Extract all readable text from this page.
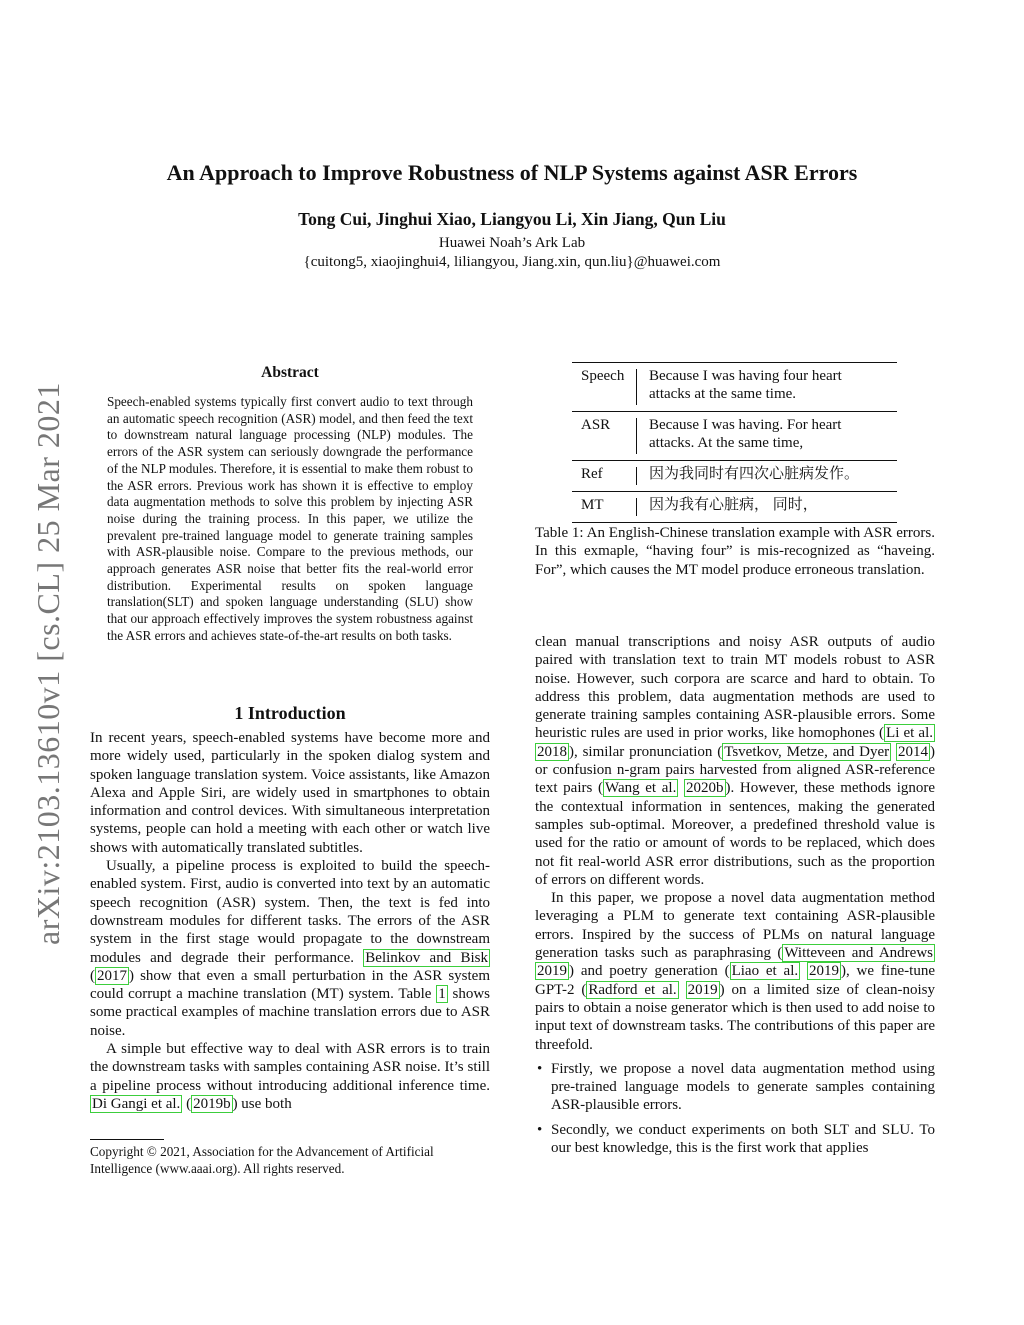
An Approach to Improve Robustness of NLP Systems against ASR Errors
Tong Cui, Jinghui Xiao, Liangyou Li, Xin Jiang, Qun Liu
Huawei Noah’s Ark Lab
{cuitong5, xiaojinghui4, liliangyou, Jiang.xin, qun.liu}@huawei.com
arXiv:2103.13610v1 [cs.CL] 25 Mar 2021
Abstract
Speech-enabled systems typically first convert audio to text through an automatic speech recognition (ASR) model, and then feed the text to downstream natural language processing (NLP) modules. The errors of the ASR system can seriously downgrade the performance of the NLP modules. Therefore, it is essential to make them robust to the ASR errors. Previous work has shown it is effective to employ data augmentation methods to solve this problem by injecting ASR noise during the training process. In this paper, we utilize the prevalent pre-trained language model to generate training samples with ASR-plausible noise. Compare to the previous methods, our approach generates ASR noise that better fits the real-world error distribution. Experimental results on spoken language translation(SLT) and spoken language understanding (SLU) show that our approach effectively improves the system robustness against the ASR errors and achieves state-of-the-art results on both tasks.
1 Introduction

In recent years, speech-enabled systems have become more and more widely used, particularly in the spoken dialog system and spoken language translation system. Voice assistants, like Amazon Alexa and Apple Siri, are widely used in smartphones to obtain information and control devices. With simultaneous interpretation systems, people can hold a meeting with each other or watch live shows with automatically translated subtitles.

Usually, a pipeline process is exploited to build the speech-enabled system. First, audio is converted into text by an automatic speech recognition (ASR) system. Then, the text is fed into downstream modules for different tasks. The errors of the ASR system in the first stage would propagate to the downstream modules and degrade their performance. Belinkov and Bisk ( 2017 ) show that even a small perturbation in the ASR system could corrupt a machine translation (MT) system. Table 1 shows some practical examples of machine translation errors due to ASR noise.

A simple but effective way to deal with ASR errors is to train the downstream tasks with samples containing ASR noise. It’s still a pipeline process without introducing additional inference time. Di Gangi et al. ( 2019b ) use both

Copyright © 2021, Association for the Advancement of Artificial Intelligence (www.aaai.org). All rights reserved.
Speech		Because I was having four heart attacks at the same time.
ASR		Because I was having. For heart attacks. At the same time,
Ref		因为我同时有四次心脏病发作。
MT		因为我有心脏病， 同时，
Table 1: An English-Chinese translation example with ASR errors. In this exmaple, “having four” is mis-recognized as “haveing. For”, which causes the MT model produce erroneous translation.

clean manual transcriptions and noisy ASR outputs of audio paired with translation text to train MT models robust to ASR noise. However, such corpora are scarce and hard to obtain. To address this problem, data augmentation methods are used to generate training samples containing ASR-plausible errors. Some heuristic rules are used in prior works, like homophones ( Li et al. 2018 ), similar pronunciation ( Tsvetkov, Metze, and Dyer 2014 ) or confusion n-gram pairs harvested from aligned ASR-reference text pairs ( Wang et al. 2020b ). However, these methods ignore the contextual information in sentences, making the generated samples sub-optimal. Moreover, a predefined threshold value is used for the ratio or amount of words to be replaced, which does not fit real-world ASR error distributions, such as the proportion of errors on different words.

In this paper, we propose a novel data augmentation method leveraging a PLM to generate text containing ASR-plausible errors. Inspired by the success of PLMs on natural language generation tasks such as paraphrasing ( Witteveen and Andrews 2019 ) and poetry generation ( Liao et al. 2019 ), we fine-tune GPT-2 ( Radford et al. 2019 ) on a limited size of clean-noisy pairs to obtain a noise generator which is then used to add noise to input text of downstream tasks. The contributions of this paper are threefold.

• Firstly, we propose a novel data augmentation method using pre-trained language models to generate samples containing ASR-plausible errors.
• Secondly, we conduct experiments on both SLT and SLU. To our best knowledge, this is the first work that applies
